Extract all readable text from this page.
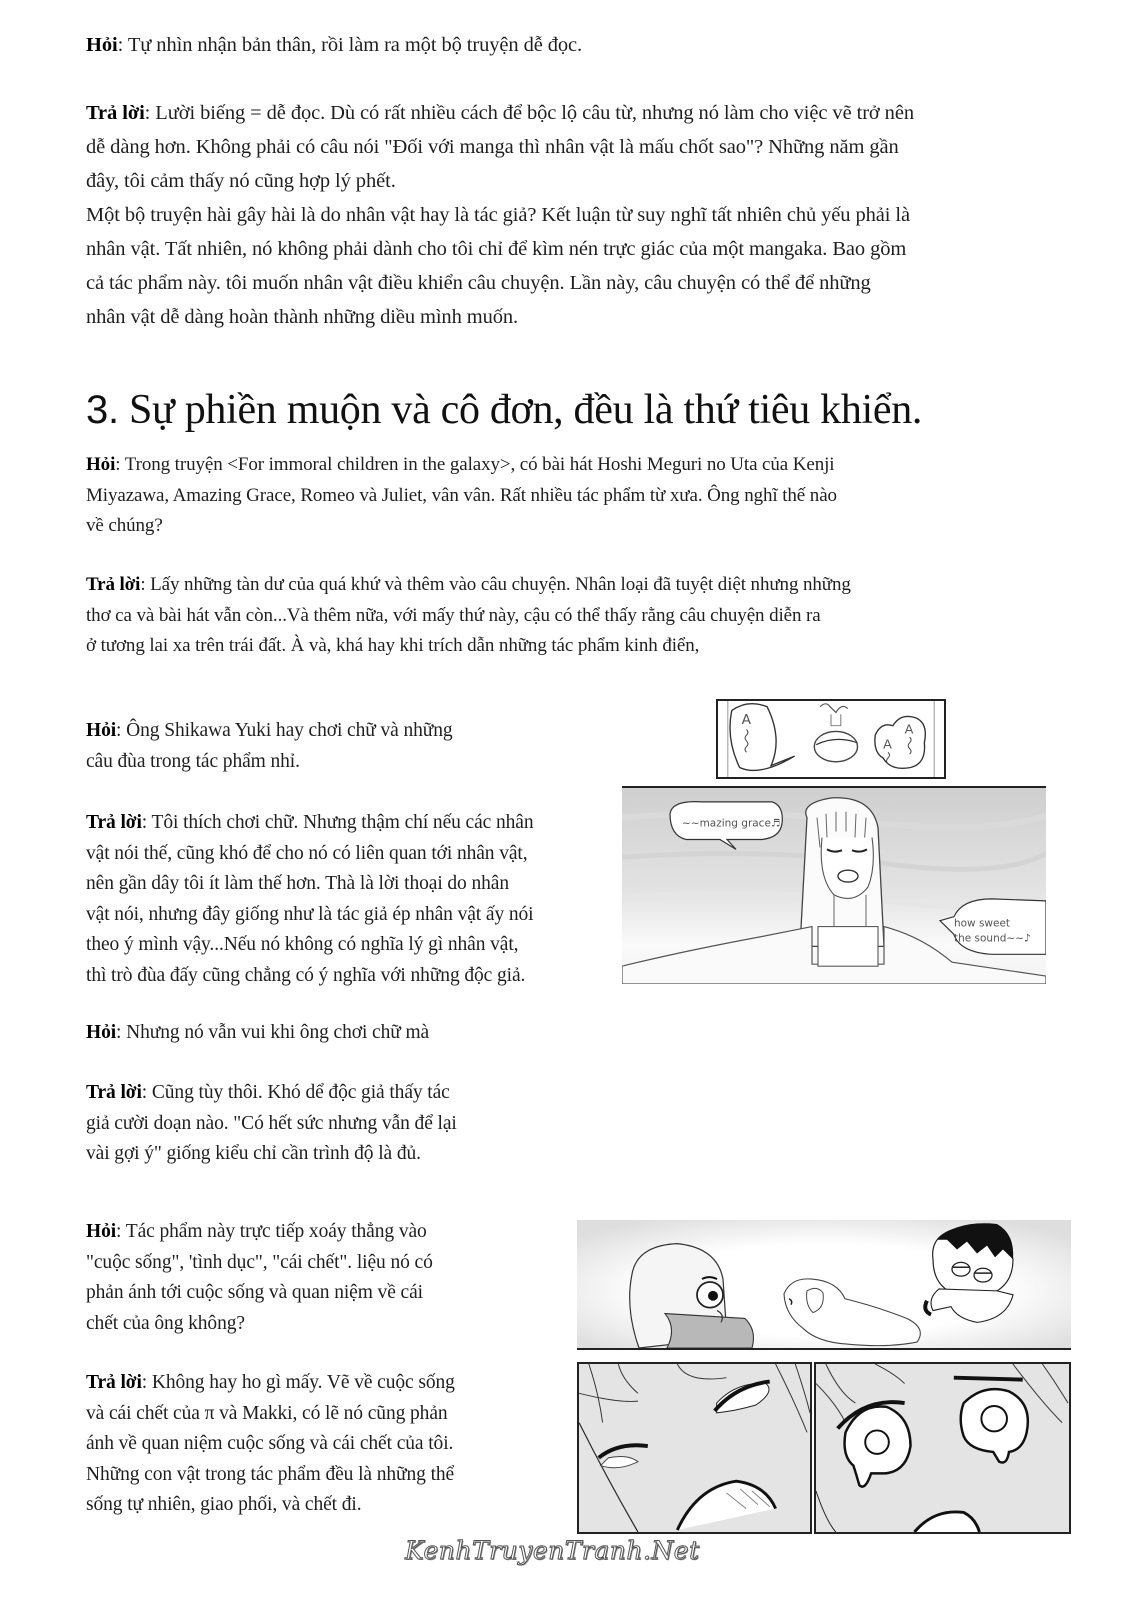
Hỏi: Tự nhìn nhận bản thân, rồi làm ra một bộ truyện dễ đọc.

Trả lời: Lười biếng = dễ đọc. Dù có rất nhiều cách để bộc lộ câu từ, nhưng nó làm cho việc vẽ trở nên
dễ dàng hơn. Không phải có câu nói "Đối với manga thì nhân vật là mấu chốt sao"? Những năm gần
đây, tôi cảm thấy nó cũng hợp lý phết.
Một bộ truyện hài gây hài là do nhân vật hay là tác giả? Kết luận từ suy nghĩ tất nhiên chủ yếu phải là
nhân vật. Tất nhiên, nó không phải dành cho tôi chỉ để kìm nén trực giác của một mangaka. Bao gồm
cả tác phẩm này. tôi muốn nhân vật điều khiển câu chuyện. Lần này, câu chuyện có thể để những
nhân vật dễ dàng hoàn thành những diều mình muốn.
3. Sự phiền muộn và cô đơn, đều là thứ tiêu khiển.
Hỏi: Trong truyện <For immoral children in the galaxy>, có bài hát Hoshi Meguri no Uta của Kenji
Miyazawa, Amazing Grace, Romeo và Juliet, vân vân. Rất nhiều tác phẩm từ xưa. Ông nghĩ thế nào
về chúng?
Trả lời: Lấy những tàn dư của quá khứ và thêm vào câu chuyện. Nhân loại đã tuyệt diệt nhưng những
thơ ca và bài hát vẫn còn...Và thêm nữa, với mấy thứ này, cậu có thể thấy rằng câu chuyện diễn ra
ở tương lai xa trên trái đất. À và, khá hay khi trích dẫn những tác phẩm kinh điển,
Hỏi: Ông Shikawa Yuki hay chơi chữ và những
câu đùa trong tác phẩm nhỉ.
Trả lời: Tôi thích chơi chữ. Nhưng thậm chí nếu các nhân
vật nói thế, cũng khó để cho nó có liên quan tới nhân vật,
nên gần dây tôi ít làm thế hơn. Thà là lời thoại do nhân
vật nói, nhưng đây giống như là tác giả ép nhân vật ấy nói
theo ý mình vậy...Nếu nó không có nghĩa lý gì nhân vật,
thì trò đùa đấy cũng chẳng có ý nghĩa với những độc giả.
Hỏi: Nhưng nó vẫn vui khi ông chơi chữ mà
Trả lời: Cũng tùy thôi. Khó dể độc giả thấy tác
giả cười doạn nào. "Có hết sức nhưng vẫn để lại
vài gợi ý" giống kiểu chỉ cần trình độ là đủ.
Hỏi: Tác phẩm này trực tiếp xoáy thẳng vào
"cuộc sống", 'tình dục", "cái chết". liệu nó có
phản ánh tới cuộc sống và quan niệm về cái
chết của ông không?
Trả lời: Không hay ho gì mấy. Vẽ về cuộc sống
và cái chết của π và Makki, có lẽ nó cũng phản
ánh về quan niệm cuộc sống và cái chết của tôi.
Những con vật trong tác phẩm đều là những thể
sống tự nhiên, giao phối, và chết đi.
A
A
A
~~mazing grace♬
how sweet
the sound~~♪
KenhTruyenTranh.Net
